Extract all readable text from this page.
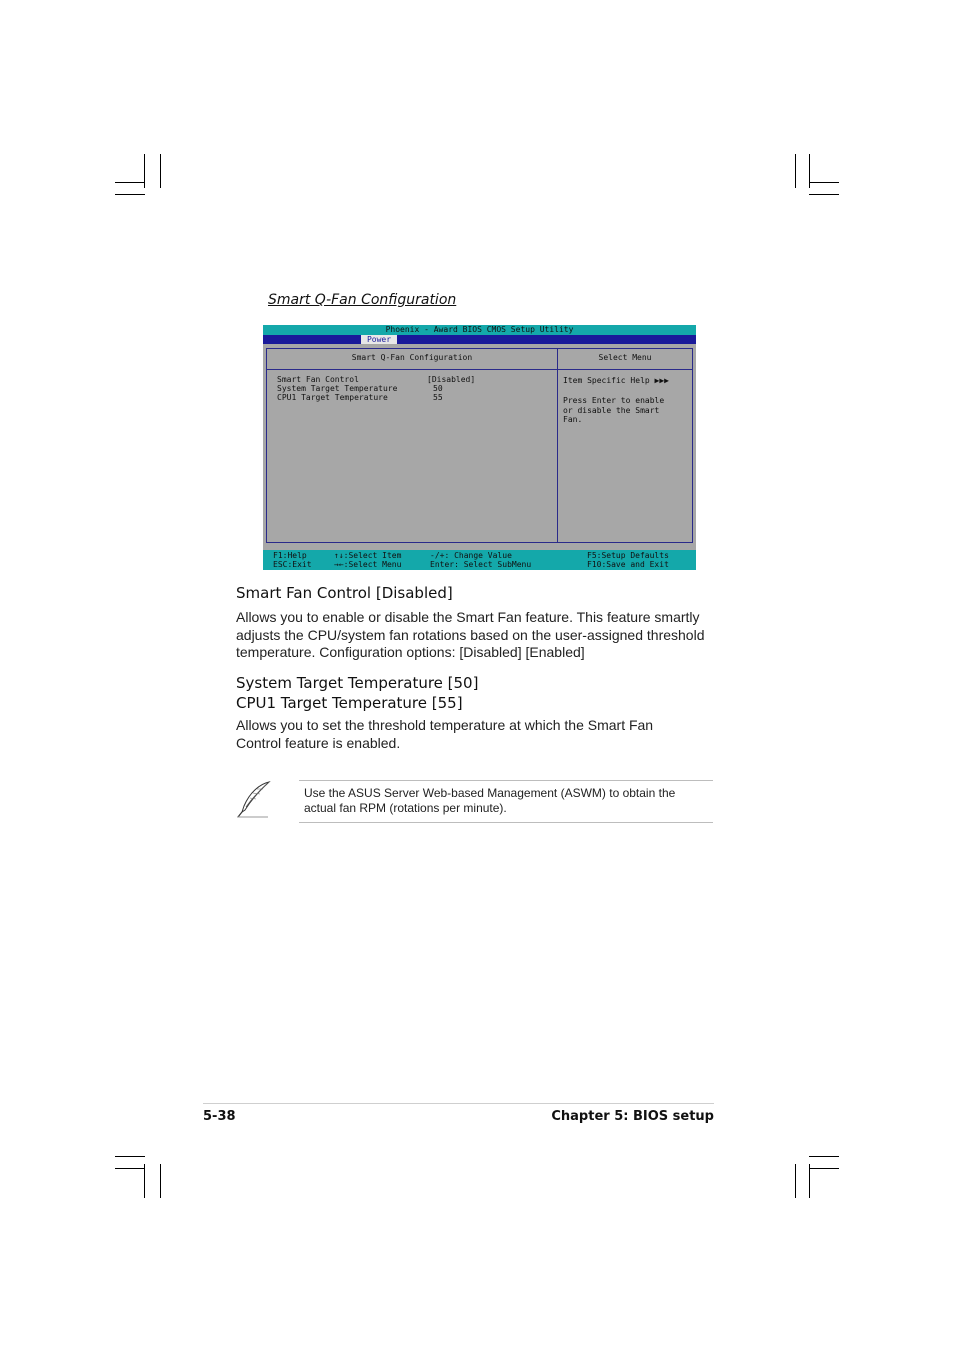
Smart Q-Fan Configuration
Phoenix - Award BIOS CMOS Setup Utility
Power
Smart Q-Fan Configuration	Select Menu
Smart Fan Control	[Disabled]
System Target Temperature	50
CPU1 Target Temperature	55
Item Specific Help ▶▶▶
Press Enter to enable
or disable the Smart
Fan.
F1:Help
ESC:Exit
↑↓:Select Item
→←:Select Menu
-/+: Change Value
Enter: Select SubMenu
F5:Setup Defaults
F10:Save and Exit
Smart Fan Control [Disabled]

Allows you to enable or disable the Smart Fan feature. This feature smartly adjusts the CPU/system fan rotations based on the user-assigned threshold temperature. Configuration options: [Disabled] [Enabled]

System Target Temperature [50]
CPU1 Target Temperature [55]

Allows you to set the threshold temperature at which the Smart Fan Control feature is enabled.

Use the ASUS Server Web-based Management (ASWM) to obtain the actual fan RPM (rotations per minute).

5-38	Chapter 5: BIOS setup
